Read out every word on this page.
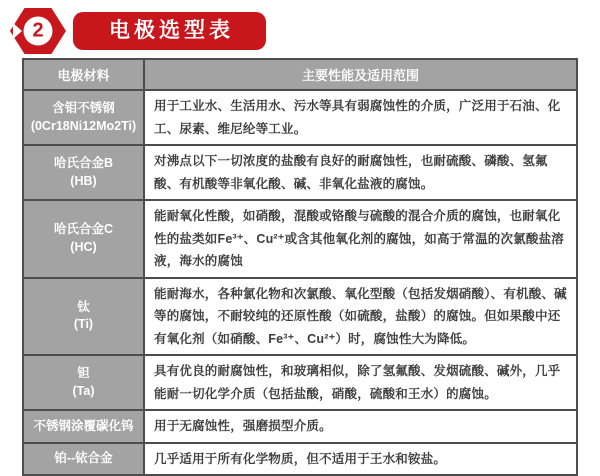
2	电极选型表
电极材料	主要性能及适用范围

含钼不锈钢
(0Cr18Ni12Mo2Ti)	用于工业水、生活用水、污水等具有弱腐蚀性的介质，广泛用于石油、化工、尿素、维尼纶等工业。

哈氏合金B
(HB)	对沸点以下一切浓度的盐酸有良好的耐腐蚀性，也耐硫酸、磷酸、氢氟酸、有机酸等非氧化酸、碱、非氧化盐液的腐蚀。

哈氏合金C
(HC)	能耐氧化性酸，如硝酸，混酸或铬酸与硫酸的混合介质的腐蚀，也耐氧化性的盐类如Fe³⁺、Cu²⁺或含其他氧化剂的腐蚀，如高于常温的次氯酸盐溶液，海水的腐蚀

钛
(Ti)	能耐海水，各种氯化物和次氯酸、氧化型酸（包括发烟硝酸）、有机酸、碱等的腐蚀，不耐较纯的还原性酸（如硫酸，盐酸）的腐蚀。但如果酸中还有氧化剂（如硝酸、Fe³⁺、Cu²⁺）时，腐蚀性大为降低。

钽
(Ta)	具有优良的耐腐蚀性，和玻璃相似，除了氢氟酸、发烟硫酸、碱外，几乎能耐一切化学介质（包括盐酸，硝酸，硫酸和王水）的腐蚀。

不锈钢涂覆碳化钨	用于无腐蚀性，强磨损型介质。

铂--铱合金	几乎适用于所有化学物质，但不适用于王水和铵盐。
